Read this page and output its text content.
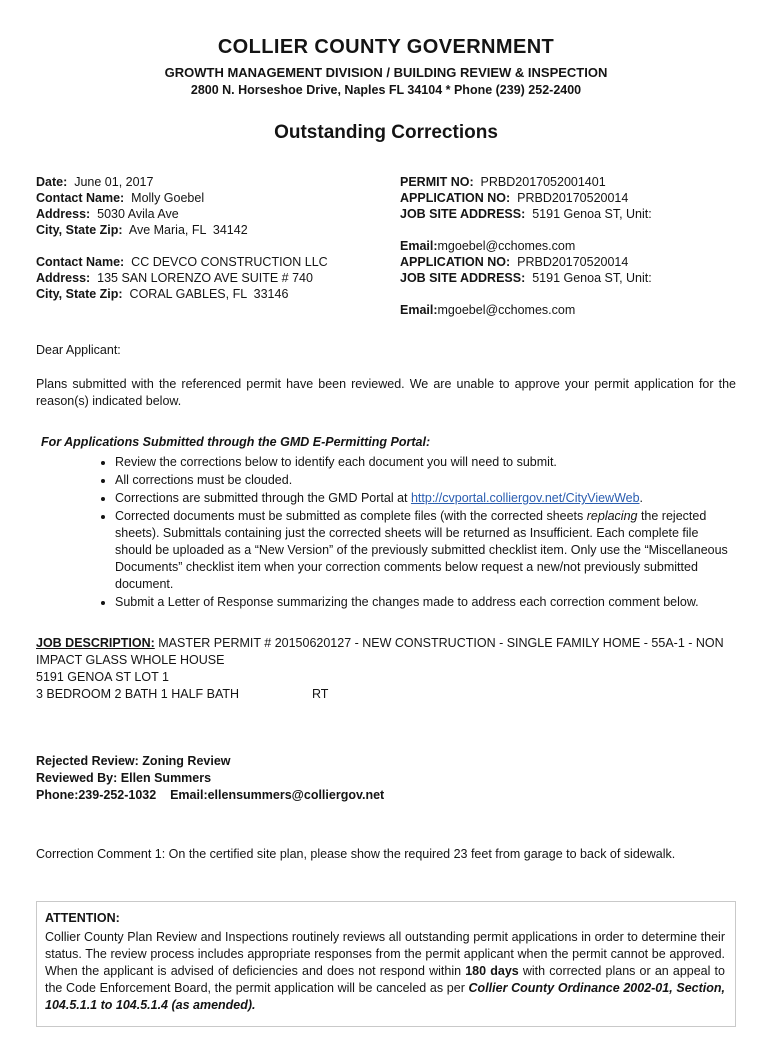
COLLIER COUNTY GOVERNMENT
GROWTH MANAGEMENT DIVISION / BUILDING REVIEW & INSPECTION
2800 N. Horseshoe Drive, Naples FL 34104 * Phone (239) 252-2400
Outstanding Corrections
Date:  June 01, 2017	PERMIT NO:  PRBD2017052001401
Contact Name:  Molly Goebel	APPLICATION NO:  PRBD20170520014
Address:  5030 Avila Ave	JOB SITE ADDRESS:  5191 Genoa ST, Unit:
City, State Zip:  Ave Maria, FL  34142
Email:mgoebel@cchomes.com
Contact Name:  CC DEVCO CONSTRUCTION LLC	APPLICATION NO:  PRBD20170520014
Address:  135 SAN LORENZO AVE SUITE # 740	JOB SITE ADDRESS:  5191 Genoa ST, Unit:
City, State Zip:  CORAL GABLES, FL  33146
Email:mgoebel@cchomes.com

Dear Applicant:

Plans submitted with the referenced permit have been reviewed. We are unable to approve your permit application for the reason(s) indicated below.

For Applications Submitted through the GMD E-Permitting Portal:

• Review the corrections below to identify each document you will need to submit.
• All corrections must be clouded.
• Corrections are submitted through the GMD Portal at http://cvportal.colliergov.net/CityViewWeb.
• Corrected documents must be submitted as complete files (with the corrected sheets replacing the rejected sheets). Submittals containing just the corrected sheets will be returned as Insufficient. Each complete file should be uploaded as a “New Version” of the previously submitted checklist item. Only use the “Miscellaneous Documents” checklist item when your correction comments below request a new/not previously submitted document.
• Submit a Letter of Response summarizing the changes made to address each correction comment below.

JOB DESCRIPTION: MASTER PERMIT # 20150620127 - NEW CONSTRUCTION - SINGLE FAMILY HOME - 55A-1 - NON IMPACT GLASS WHOLE HOUSE

5191 GENOA ST LOT 1

3 BEDROOM 2 BATH 1 HALF BATH                     RT

Rejected Review: Zoning Review

Reviewed By: Ellen Summers

Phone:239-252-1032    Email:ellensummers@colliergov.net

Correction Comment 1: On the certified site plan, please show the required 23 feet from garage to back of sidewalk.

ATTENTION:

Collier County Plan Review and Inspections routinely reviews all outstanding permit applications in order to determine their status. The review process includes appropriate responses from the permit applicant when the permit cannot be approved. When the applicant is advised of deficiencies and does not respond within 180 days with corrected plans or an appeal to the Code Enforcement Board, the permit application will be canceled as per Collier County Ordinance 2002-01, Section, 104.5.1.1 to 104.5.1.4 (as amended).
